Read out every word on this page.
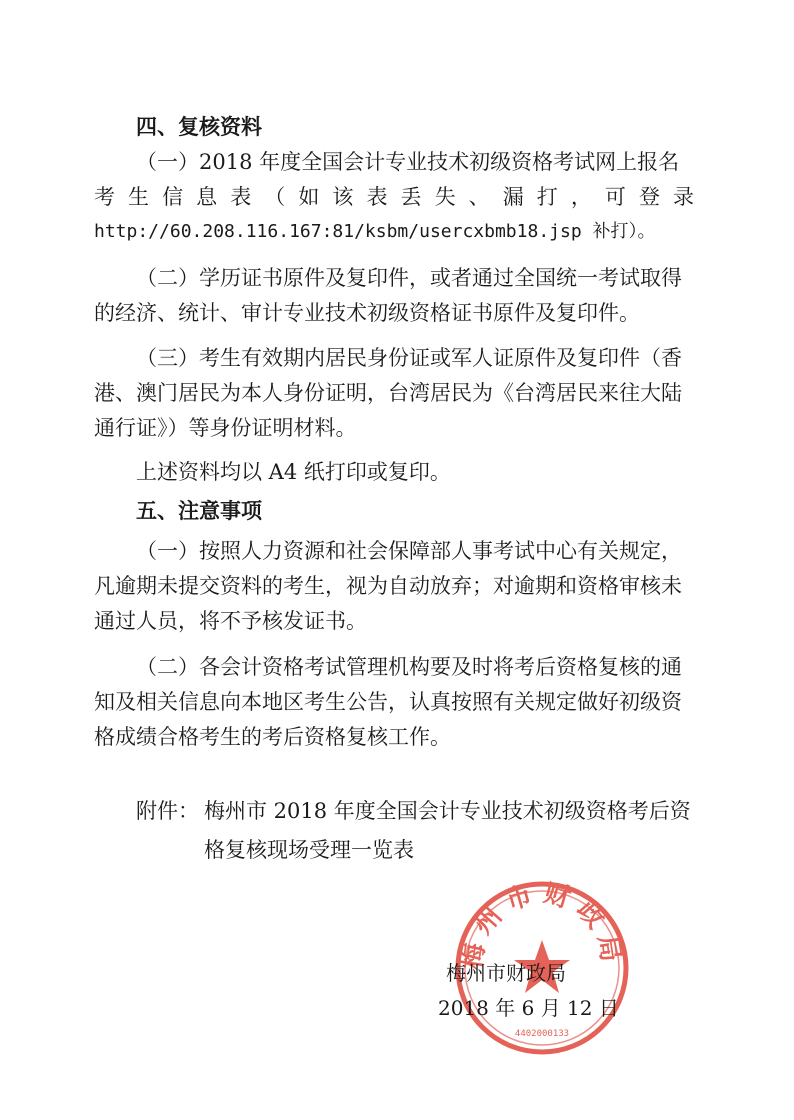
四、复核资料

（一）2018 年度全国会计专业技术初级资格考试网上报名

考生信息表（如该表丢失、漏打，可登录

http://60.208.116.167:81/ksbm/usercxbmb18.jsp 补打）。

（二）学历证书原件及复印件，或者通过全国统一考试取得

的经济、统计、审计专业技术初级资格证书原件及复印件。

（三）考生有效期内居民身份证或军人证原件及复印件（香

港、澳门居民为本人身份证明，台湾居民为《台湾居民来往大陆

通行证》）等身份证明材料。

上述资料均以 A4 纸打印或复印。

五、注意事项

（一）按照人力资源和社会保障部人事考试中心有关规定，

凡逾期未提交资料的考生，视为自动放弃；对逾期和资格审核未

通过人员，将不予核发证书。

（二）各会计资格考试管理机构要及时将考后资格复核的通

知及相关信息向本地区考生公告，认真按照有关规定做好初级资

格成绩合格考生的考后资格复核工作。

附件： 梅州市 2018 年度全国会计专业技术初级资格考后资

格复核现场受理一览表

梅州市财政局
4402000133

梅州市财政局

2018 年 6 月 12 日
